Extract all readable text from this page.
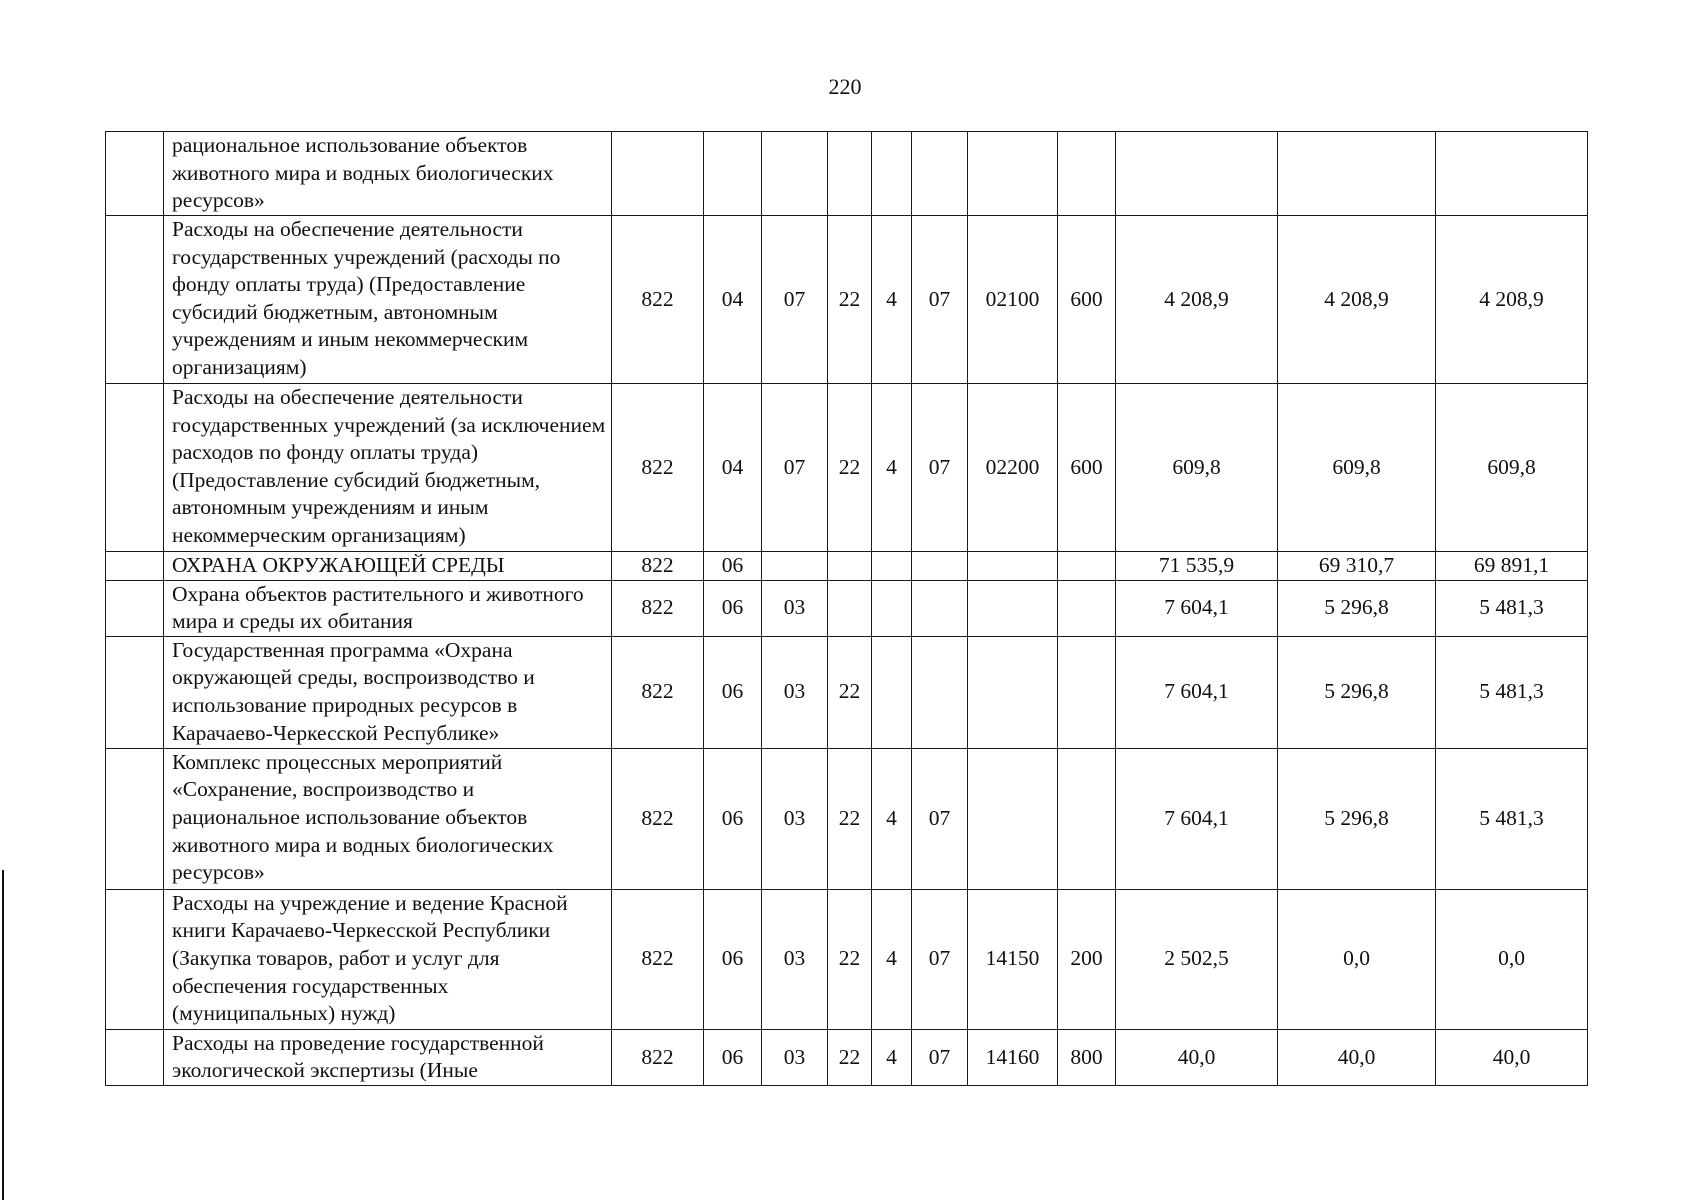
220
	рациональное использование объектов животного мира и водных биологических ресурсов»											
	Расходы на обеспечение деятельности государственных учреждений (расходы по фонду оплаты труда) (Предоставление субсидий бюджетным, автономным учреждениям и иным некоммерческим организациям)	822	04	07	22	4	07	02100	600	4 208,9	4 208,9	4 208,9
	Расходы на обеспечение деятельности государственных учреждений (за исключением расходов по фонду оплаты труда) (Предоставление субсидий бюджетным, автономным учреждениям и иным некоммерческим организациям)	822	04	07	22	4	07	02200	600	609,8	609,8	609,8
	ОХРАНА ОКРУЖАЮЩЕЙ СРЕДЫ	822	06							71 535,9	69 310,7	69 891,1
	Охрана объектов растительного и животного мира и среды их обитания	822	06	03						7 604,1	5 296,8	5 481,3
	Государственная программа «Охрана окружающей среды, воспроизводство и использование природных ресурсов в Карачаево-Черкесской Республике»	822	06	03	22					7 604,1	5 296,8	5 481,3
	Комплекс процессных мероприятий «Сохранение, воспроизводство и рациональное использование объектов животного мира и водных биологических ресурсов»	822	06	03	22	4	07			7 604,1	5 296,8	5 481,3
	Расходы на учреждение и ведение Красной книги Карачаево-Черкесской Республики (Закупка товаров, работ и услуг для обеспечения государственных (муниципальных) нужд)	822	06	03	22	4	07	14150	200	2 502,5	0,0	0,0
	Расходы на проведение государственной экологической экспертизы (Иные	822	06	03	22	4	07	14160	800	40,0	40,0	40,0
